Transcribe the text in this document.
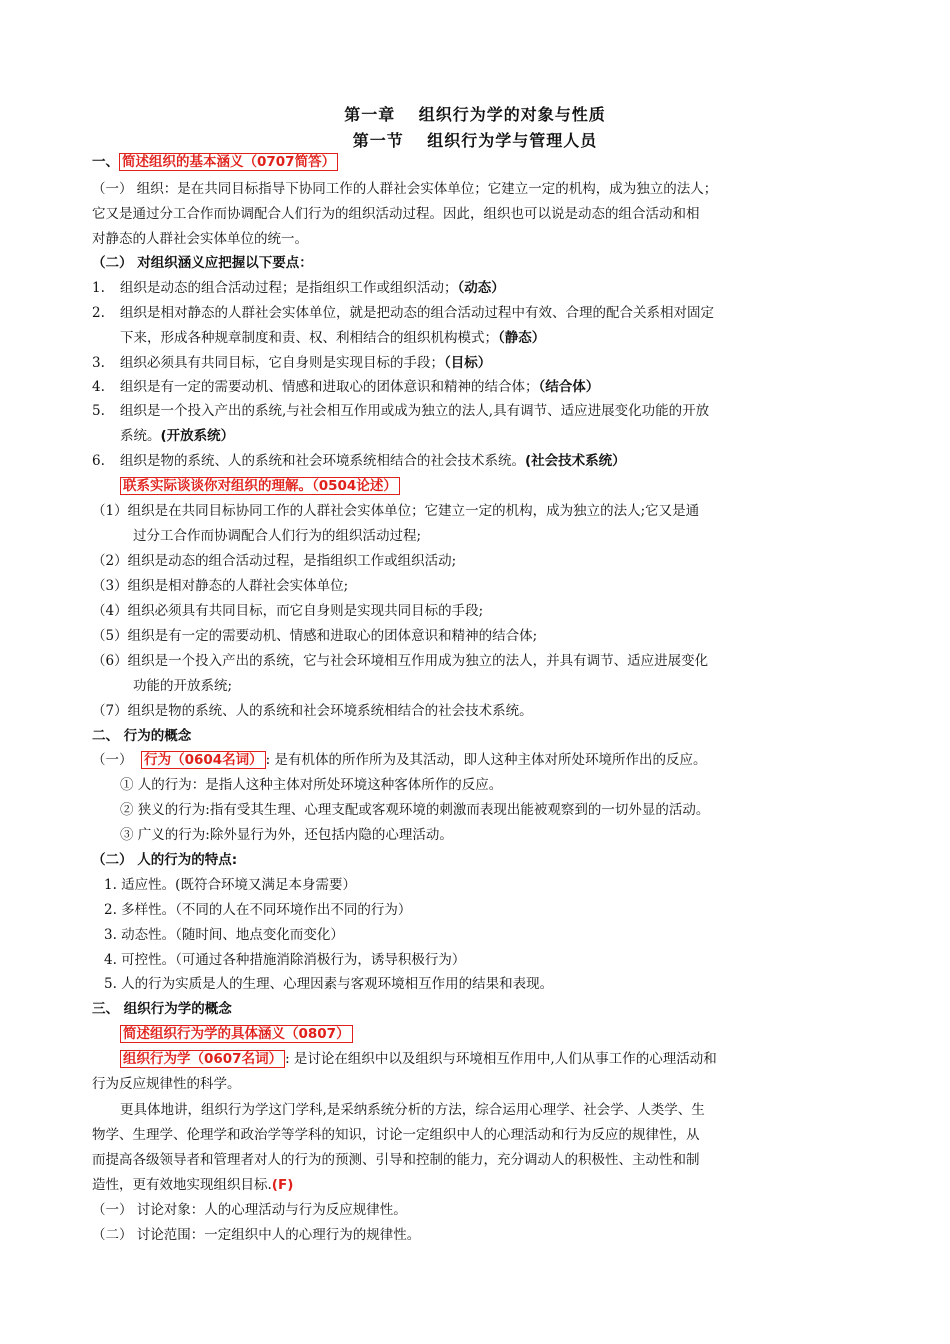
第一章　 组织行为学的对象与性质
第一节　 组织行为学与管理人员
一、 简述组织的基本涵义（0707简答）
（一） 组织：是在共同目标指导下协同工作的人群社会实体单位；它建立一定的机构，成为独立的法人；
它又是通过分工合作而协调配合人们行为的组织活动过程。因此，组织也可以说是动态的组合活动和相
对静态的人群社会实体单位的统一。
（二） 对组织涵义应把握以下要点：
1. 组织是动态的组合活动过程；是指组织工作或组织活动；（动态）
2. 组织是相对静态的人群社会实体单位，就是把动态的组合活动过程中有效、合理的配合关系相对固定
下来，形成各种规章制度和责、权、利相结合的组织机构模式；（静态）
3. 组织必须具有共同目标，它自身则是实现目标的手段；（目标）
4. 组织是有一定的需要动机、情感和进取心的团体意识和精神的结合体；（结合体）
5. 组织是一个投入产出的系统,与社会相互作用或成为独立的法人,具有调节、适应进展变化功能的开放
系统。(开放系统）
6. 组织是物的系统、人的系统和社会环境系统相结合的社会技术系统。(社会技术系统）
联系实际谈谈你对组织的理解。（0504论述）
（1）组织是在共同目标协同工作的人群社会实体单位；它建立一定的机构，成为独立的法人;它又是通
过分工合作而协调配合人们行为的组织活动过程;
（2）组织是动态的组合活动过程，是指组织工作或组织活动;
（3）组织是相对静态的人群社会实体单位;
（4）组织必须具有共同目标，而它自身则是实现共同目标的手段;
（5）组织是有一定的需要动机、情感和进取心的团体意识和精神的结合体;
（6）组织是一个投入产出的系统，它与社会环境相互作用成为独立的法人，并具有调节、适应进展变化
功能的开放系统;
（7）组织是物的系统、人的系统和社会环境系统相结合的社会技术系统。
二、 行为的概念
（一） 行为（0604名词） : 是有机体的所作所为及其活动，即人这种主体对所处环境所作出的反应。
① 人的行为：是指人这种主体对所处环境这种客体所作的反应。
② 狭义的行为:指有受其生理、心理支配或客观环境的刺激而表现出能被观察到的一切外显的活动。
③ 广义的行为:除外显行为外，还包括内隐的心理活动。
（二） 人的行为的特点:
1. 适应性。(既符合环境又满足本身需要）
2. 多样性。（不同的人在不同环境作出不同的行为）
3. 动态性。（随时间、地点变化而变化）
4. 可控性。（可通过各种措施消除消极行为，诱导积极行为）
5. 人的行为实质是人的生理、心理因素与客观环境相互作用的结果和表现。
三、 组织行为学的概念
简述组织行为学的具体涵义（0807）
组织行为学（0607名词） : 是讨论在组织中以及组织与环境相互作用中,人们从事工作的心理活动和
行为反应规律性的科学。
更具体地讲，组织行为学这门学科,是采纳系统分析的方法，综合运用心理学、社会学、人类学、生
物学、生理学、伦理学和政治学等学科的知识，讨论一定组织中人的心理活动和行为反应的规律性，从
而提高各级领导者和管理者对人的行为的预测、引导和控制的能力，充分调动人的积极性、主动性和制
造性，更有效地实现组织目标.(F)
（一） 讨论对象：人的心理活动与行为反应规律性。
（二） 讨论范围：一定组织中人的心理行为的规律性。
